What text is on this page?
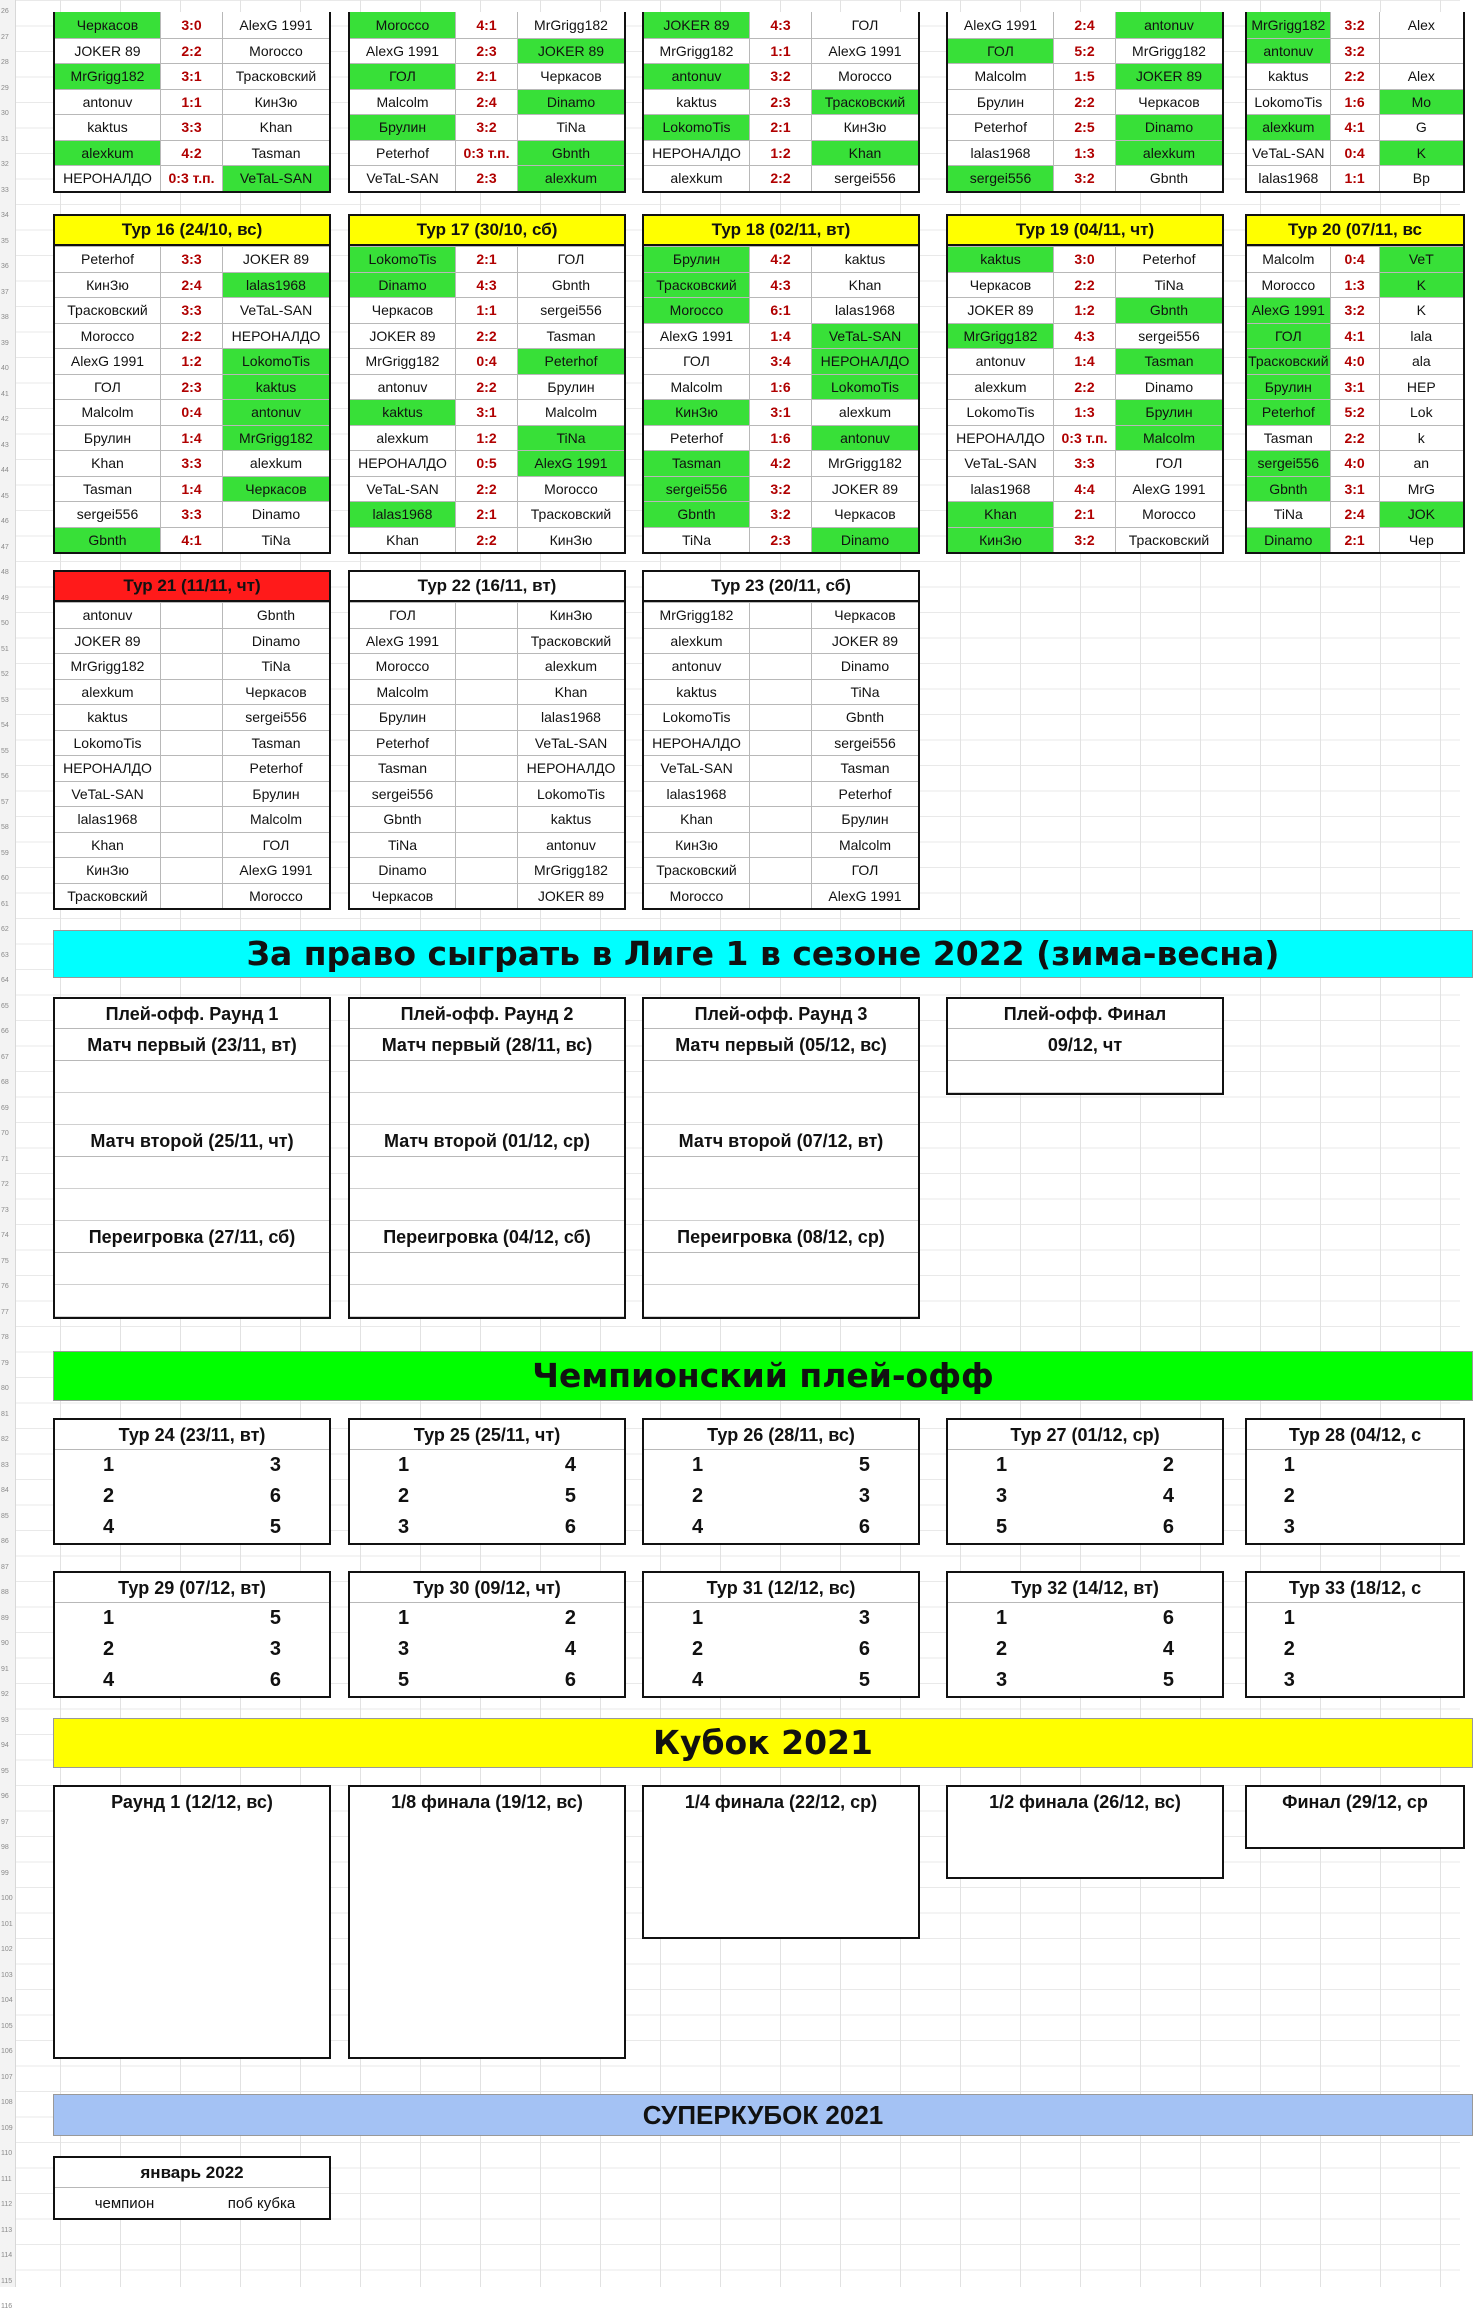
26
27
28
29
30
31
32
33
34
35
36
37
38
39
40
41
42
43
44
45
46
47
48
49
50
51
52
53
54
55
56
57
58
59
60
61
62
63
64
65
66
67
68
69
70
71
72
73
74
75
76
77
78
79
80
81
82
83
84
85
86
87
88
89
90
91
92
93
94
95
96
97
98
99
100
101
102
103
104
105
106
107
108
109
110
111
112
113
114
115
116
Черкасов	3:0	AlexG 1991
JOKER 89	2:2	Morocco
MrGrigg182	3:1	Трасковский
antonuv	1:1	КинЗю
kaktus	3:3	Khan
alexkum	4:2	Tasman
НЕРОНАЛДО	0:3 т.п.	VeTaL-SAN
Morocco	4:1	MrGrigg182
AlexG 1991	2:3	JOKER 89
ГОЛ	2:1	Черкасов
Malcolm	2:4	Dinamo
Брулин	3:2	TiNa
Peterhof	0:3 т.п.	Gbnth
VeTaL-SAN	2:3	alexkum
JOKER 89	4:3	ГОЛ
MrGrigg182	1:1	AlexG 1991
antonuv	3:2	Morocco
kaktus	2:3	Трасковский
LokomoTis	2:1	КинЗю
НЕРОНАЛДО	1:2	Khan
alexkum	2:2	sergei556
AlexG 1991	2:4	antonuv
ГОЛ	5:2	MrGrigg182
Malcolm	1:5	JOKER 89
Брулин	2:2	Черкасов
Peterhof	2:5	Dinamo
lalas1968	1:3	alexkum
sergei556	3:2	Gbnth
MrGrigg182	3:2	Alex
antonuv	3:2
kaktus	2:2	Alex
LokomoTis	1:6	Mo
alexkum	4:1	G
VeTaL-SAN	0:4	K
lalas1968	1:1	Bp
Тур 16 (24/10, вс)
Peterhof	3:3	JOKER 89
КинЗю	2:4	lalas1968
Трасковский	3:3	VeTaL-SAN
Morocco	2:2	НЕРОНАЛДО
AlexG 1991	1:2	LokomoTis
ГОЛ	2:3	kaktus
Malcolm	0:4	antonuv
Брулин	1:4	MrGrigg182
Khan	3:3	alexkum
Tasman	1:4	Черкасов
sergei556	3:3	Dinamo
Gbnth	4:1	TiNa
Тур 17 (30/10, сб)
LokomoTis	2:1	ГОЛ
Dinamo	4:3	Gbnth
Черкасов	1:1	sergei556
JOKER 89	2:2	Tasman
MrGrigg182	0:4	Peterhof
antonuv	2:2	Брулин
kaktus	3:1	Malcolm
alexkum	1:2	TiNa
НЕРОНАЛДО	0:5	AlexG 1991
VeTaL-SAN	2:2	Morocco
lalas1968	2:1	Трасковский
Khan	2:2	КинЗю
Тур 18 (02/11, вт)
Брулин	4:2	kaktus
Трасковский	4:3	Khan
Morocco	6:1	lalas1968
AlexG 1991	1:4	VeTaL-SAN
ГОЛ	3:4	НЕРОНАЛДО
Malcolm	1:6	LokomoTis
КинЗю	3:1	alexkum
Peterhof	1:6	antonuv
Tasman	4:2	MrGrigg182
sergei556	3:2	JOKER 89
Gbnth	3:2	Черкасов
TiNa	2:3	Dinamo
Тур 19 (04/11, чт)
kaktus	3:0	Peterhof
Черкасов	2:2	TiNa
JOKER 89	1:2	Gbnth
MrGrigg182	4:3	sergei556
antonuv	1:4	Tasman
alexkum	2:2	Dinamo
LokomoTis	1:3	Брулин
НЕРОНАЛДО	0:3 т.п.	Malcolm
VeTaL-SAN	3:3	ГОЛ
lalas1968	4:4	AlexG 1991
Khan	2:1	Morocco
КинЗю	3:2	Трасковский
Тур 20 (07/11, вс
Malcolm	0:4	VeT
Morocco	1:3	K
AlexG 1991	3:2	K
ГОЛ	4:1	lala
Трасковский	4:0	ala
Брулин	3:1	НЕР
Peterhof	5:2	Lok
Tasman	2:2	k
sergei556	4:0	an
Gbnth	3:1	MrG
TiNa	2:4	JOK
Dinamo	2:1	Чер
Тур 21 (11/11, чт)
antonuv	Gbnth
JOKER 89	Dinamo
MrGrigg182	TiNa
alexkum	Черкасов
kaktus	sergei556
LokomoTis	Tasman
НЕРОНАЛДО	Peterhof
VeTaL-SAN	Брулин
lalas1968	Malcolm
Khan	ГОЛ
КинЗю	AlexG 1991
Трасковский	Morocco
Тур 22 (16/11, вт)
ГОЛ	КинЗю
AlexG 1991	Трасковский
Morocco	alexkum
Malcolm	Khan
Брулин	lalas1968
Peterhof	VeTaL-SAN
Tasman	НЕРОНАЛДО
sergei556	LokomoTis
Gbnth	kaktus
TiNa	antonuv
Dinamo	MrGrigg182
Черкасов	JOKER 89
Тур 23 (20/11, сб)
MrGrigg182	Черкасов
alexkum	JOKER 89
antonuv	Dinamo
kaktus	TiNa
LokomoTis	Gbnth
НЕРОНАЛДО	sergei556
VeTaL-SAN	Tasman
lalas1968	Peterhof
Khan	Брулин
КинЗю	Malcolm
Трасковский	ГОЛ
Morocco	AlexG 1991
Плей-офф. Раунд 1
Матч первый (23/11, вт)
Матч второй (25/11, чт)
Переигровка (27/11, сб)
Плей-офф. Раунд 2
Матч первый (28/11, вс)
Матч второй (01/12, ср)
Переигровка (04/12, сб)
Плей-офф. Раунд 3
Матч первый (05/12, вс)
Матч второй (07/12, вт)
Переигровка (08/12, ср)
Плей-офф. Финал
09/12, чт
Тур 24 (23/11, вт)
1	3
2	6
4	5
Тур 25 (25/11, чт)
1	4
2	5
3	6
Тур 26 (28/11, вс)
1	5
2	3
4	6
Тур 27 (01/12, ср)
1	2
3	4
5	6
Тур 28 (04/12, с
1
2
3
Тур 29 (07/12, вт)
1	5
2	3
4	6
Тур 30 (09/12, чт)
1	2
3	4
5	6
Тур 31 (12/12, вс)
1	3
2	6
4	5
Тур 32 (14/12, вт)
1	6
2	4
3	5
Тур 33 (18/12, с
1
2
3
Раунд 1 (12/12, вс)	1/8 финала (19/12, вс)	1/4 финала (22/12, ср)	1/2 финала (26/12, вс)	Финал (29/12, ср
За право сыграть в Лиге 1 в сезоне 2022 (зима-весна)
Чемпионский плей-офф
Кубок 2021
СУПЕРКУБОК 2021
январь 2022
чемпион	поб кубка
